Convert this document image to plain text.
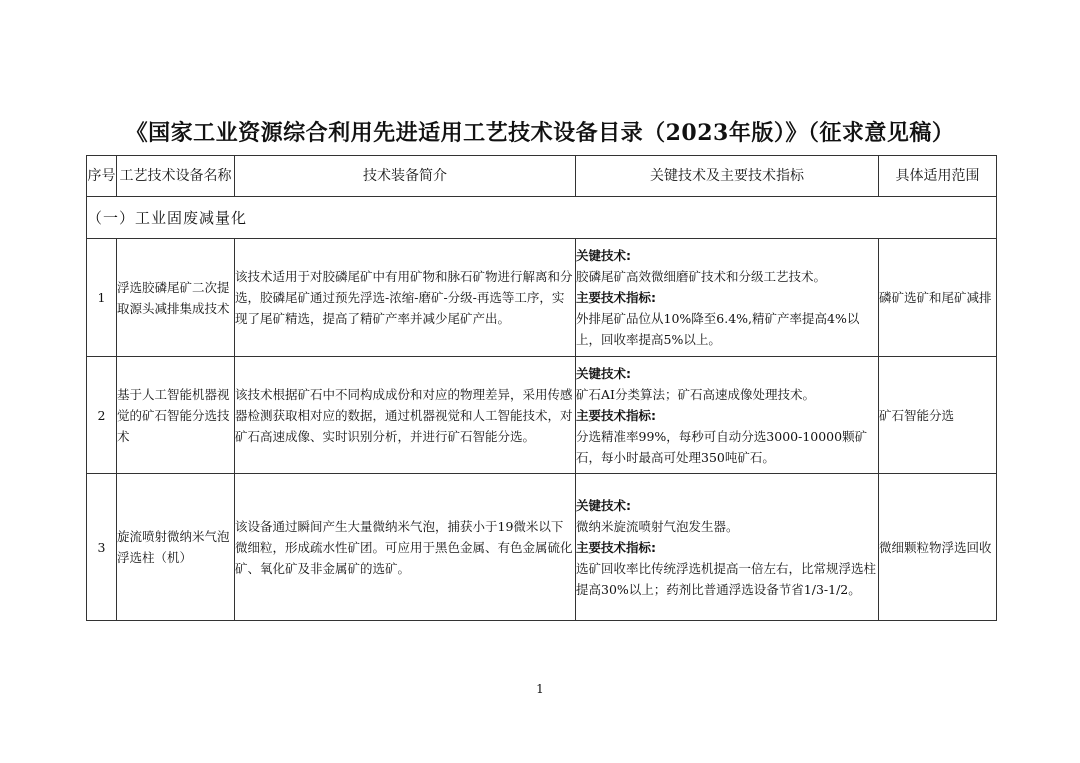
《国家工业资源综合利用先进适用工艺技术设备目录（2023年版）》（征求意见稿）
序号	工艺技术设备名称	技术装备简介	关键技术及主要技术指标	具体适用范围
（一）工业固废减量化				
1	浮选胶磷尾矿二次提取源头减排集成技术	该技术适用于对胶磷尾矿中有用矿物和脉石矿物进行解离和分选，胶磷尾矿通过预先浮选-浓缩-磨矿-分级-再选等工序，实现了尾矿精选，提高了精矿产率并减少尾矿产出。	关键技术:
胶磷尾矿高效微细磨矿技术和分级工艺技术。
主要技术指标:
外排尾矿品位从10%降至6.4%,精矿产率提高4%以上，回收率提高5%以上。	磷矿选矿和尾矿减排
2	基于人工智能机器视觉的矿石智能分选技术	该技术根据矿石中不同构成成份和对应的物理差异，采用传感器检测获取相对应的数据，通过机器视觉和人工智能技术，对矿石高速成像、实时识别分析，并进行矿石智能分选。	关键技术:
矿石AI分类算法；矿石高速成像处理技术。
主要技术指标:
分选精准率99%，每秒可自动分选3000-10000颗矿石，每小时最高可处理350吨矿石。	矿石智能分选
3	旋流喷射微纳米气泡浮选柱（机）	该设备通过瞬间产生大量微纳米气泡，捕获小于19微米以下微细粒，形成疏水性矿团。可应用于黑色金属、有色金属硫化矿、氧化矿及非金属矿的选矿。	关键技术:
微纳米旋流喷射气泡发生器。
主要技术指标:
选矿回收率比传统浮选机提高一倍左右，比常规浮选柱提高30%以上；药剂比普通浮选设备节省1/3-1/2。	微细颗粒物浮选回收
1
